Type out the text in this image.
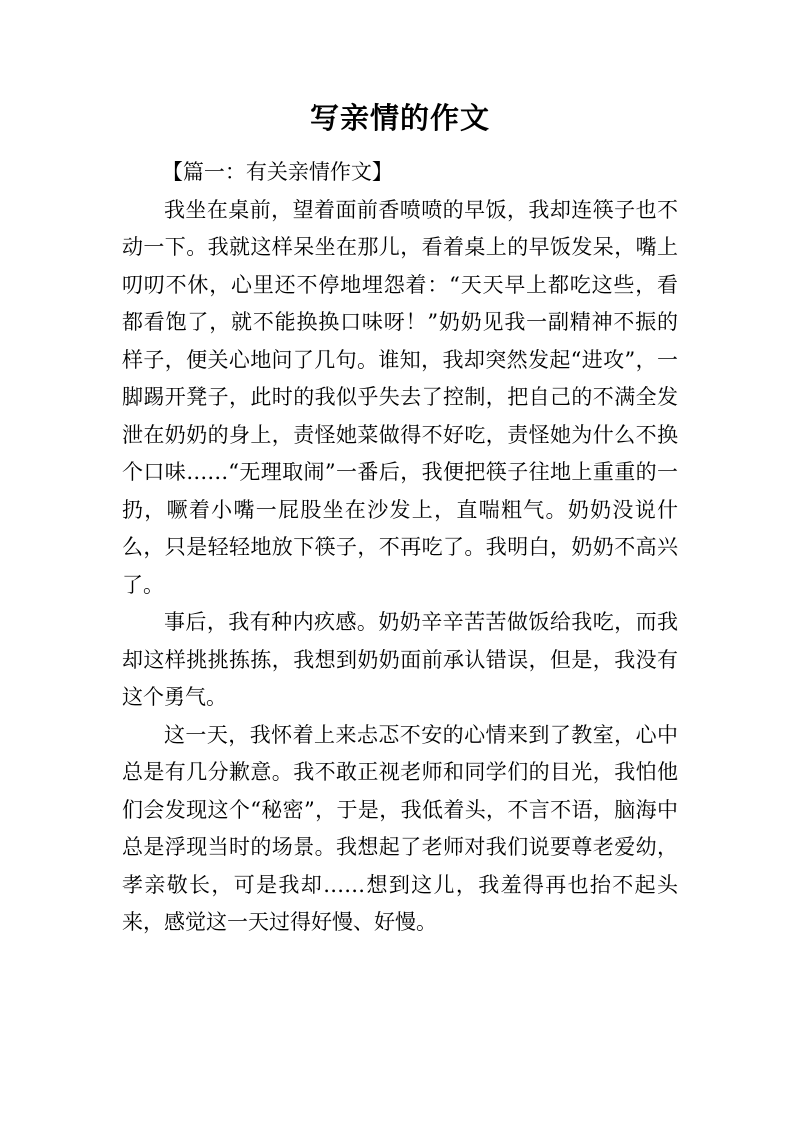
写亲情的作文

【篇一：有关亲情作文】

我坐在桌前，望着面前香喷喷的早饭，我却连筷子也不动一下。我就这样呆坐在那儿，看着桌上的早饭发呆，嘴上叨叨不休，心里还不停地埋怨着：“天天早上都吃这些，看都看饱了，就不能换换口味呀！”奶奶见我一副精神不振的样子，便关心地问了几句。谁知，我却突然发起“进攻”，一脚踢开凳子，此时的我似乎失去了控制，把自己的不满全发泄在奶奶的身上，责怪她菜做得不好吃，责怪她为什么不换个口味……“无理取闹”一番后，我便把筷子往地上重重的一扔，噘着小嘴一屁股坐在沙发上，直喘粗气。奶奶没说什么，只是轻轻地放下筷子，不再吃了。我明白，奶奶不高兴了。

事后，我有种内疚感。奶奶辛辛苦苦做饭给我吃，而我却这样挑挑拣拣，我想到奶奶面前承认错误，但是，我没有这个勇气。

这一天，我怀着上来忐忑不安的心情来到了教室，心中总是有几分歉意。我不敢正视老师和同学们的目光，我怕他们会发现这个“秘密”，于是，我低着头，不言不语，脑海中总是浮现当时的场景。我想起了老师对我们说要尊老爱幼，孝亲敬长，可是我却……想到这儿，我羞得再也抬不起头来，感觉这一天过得好慢、好慢。
